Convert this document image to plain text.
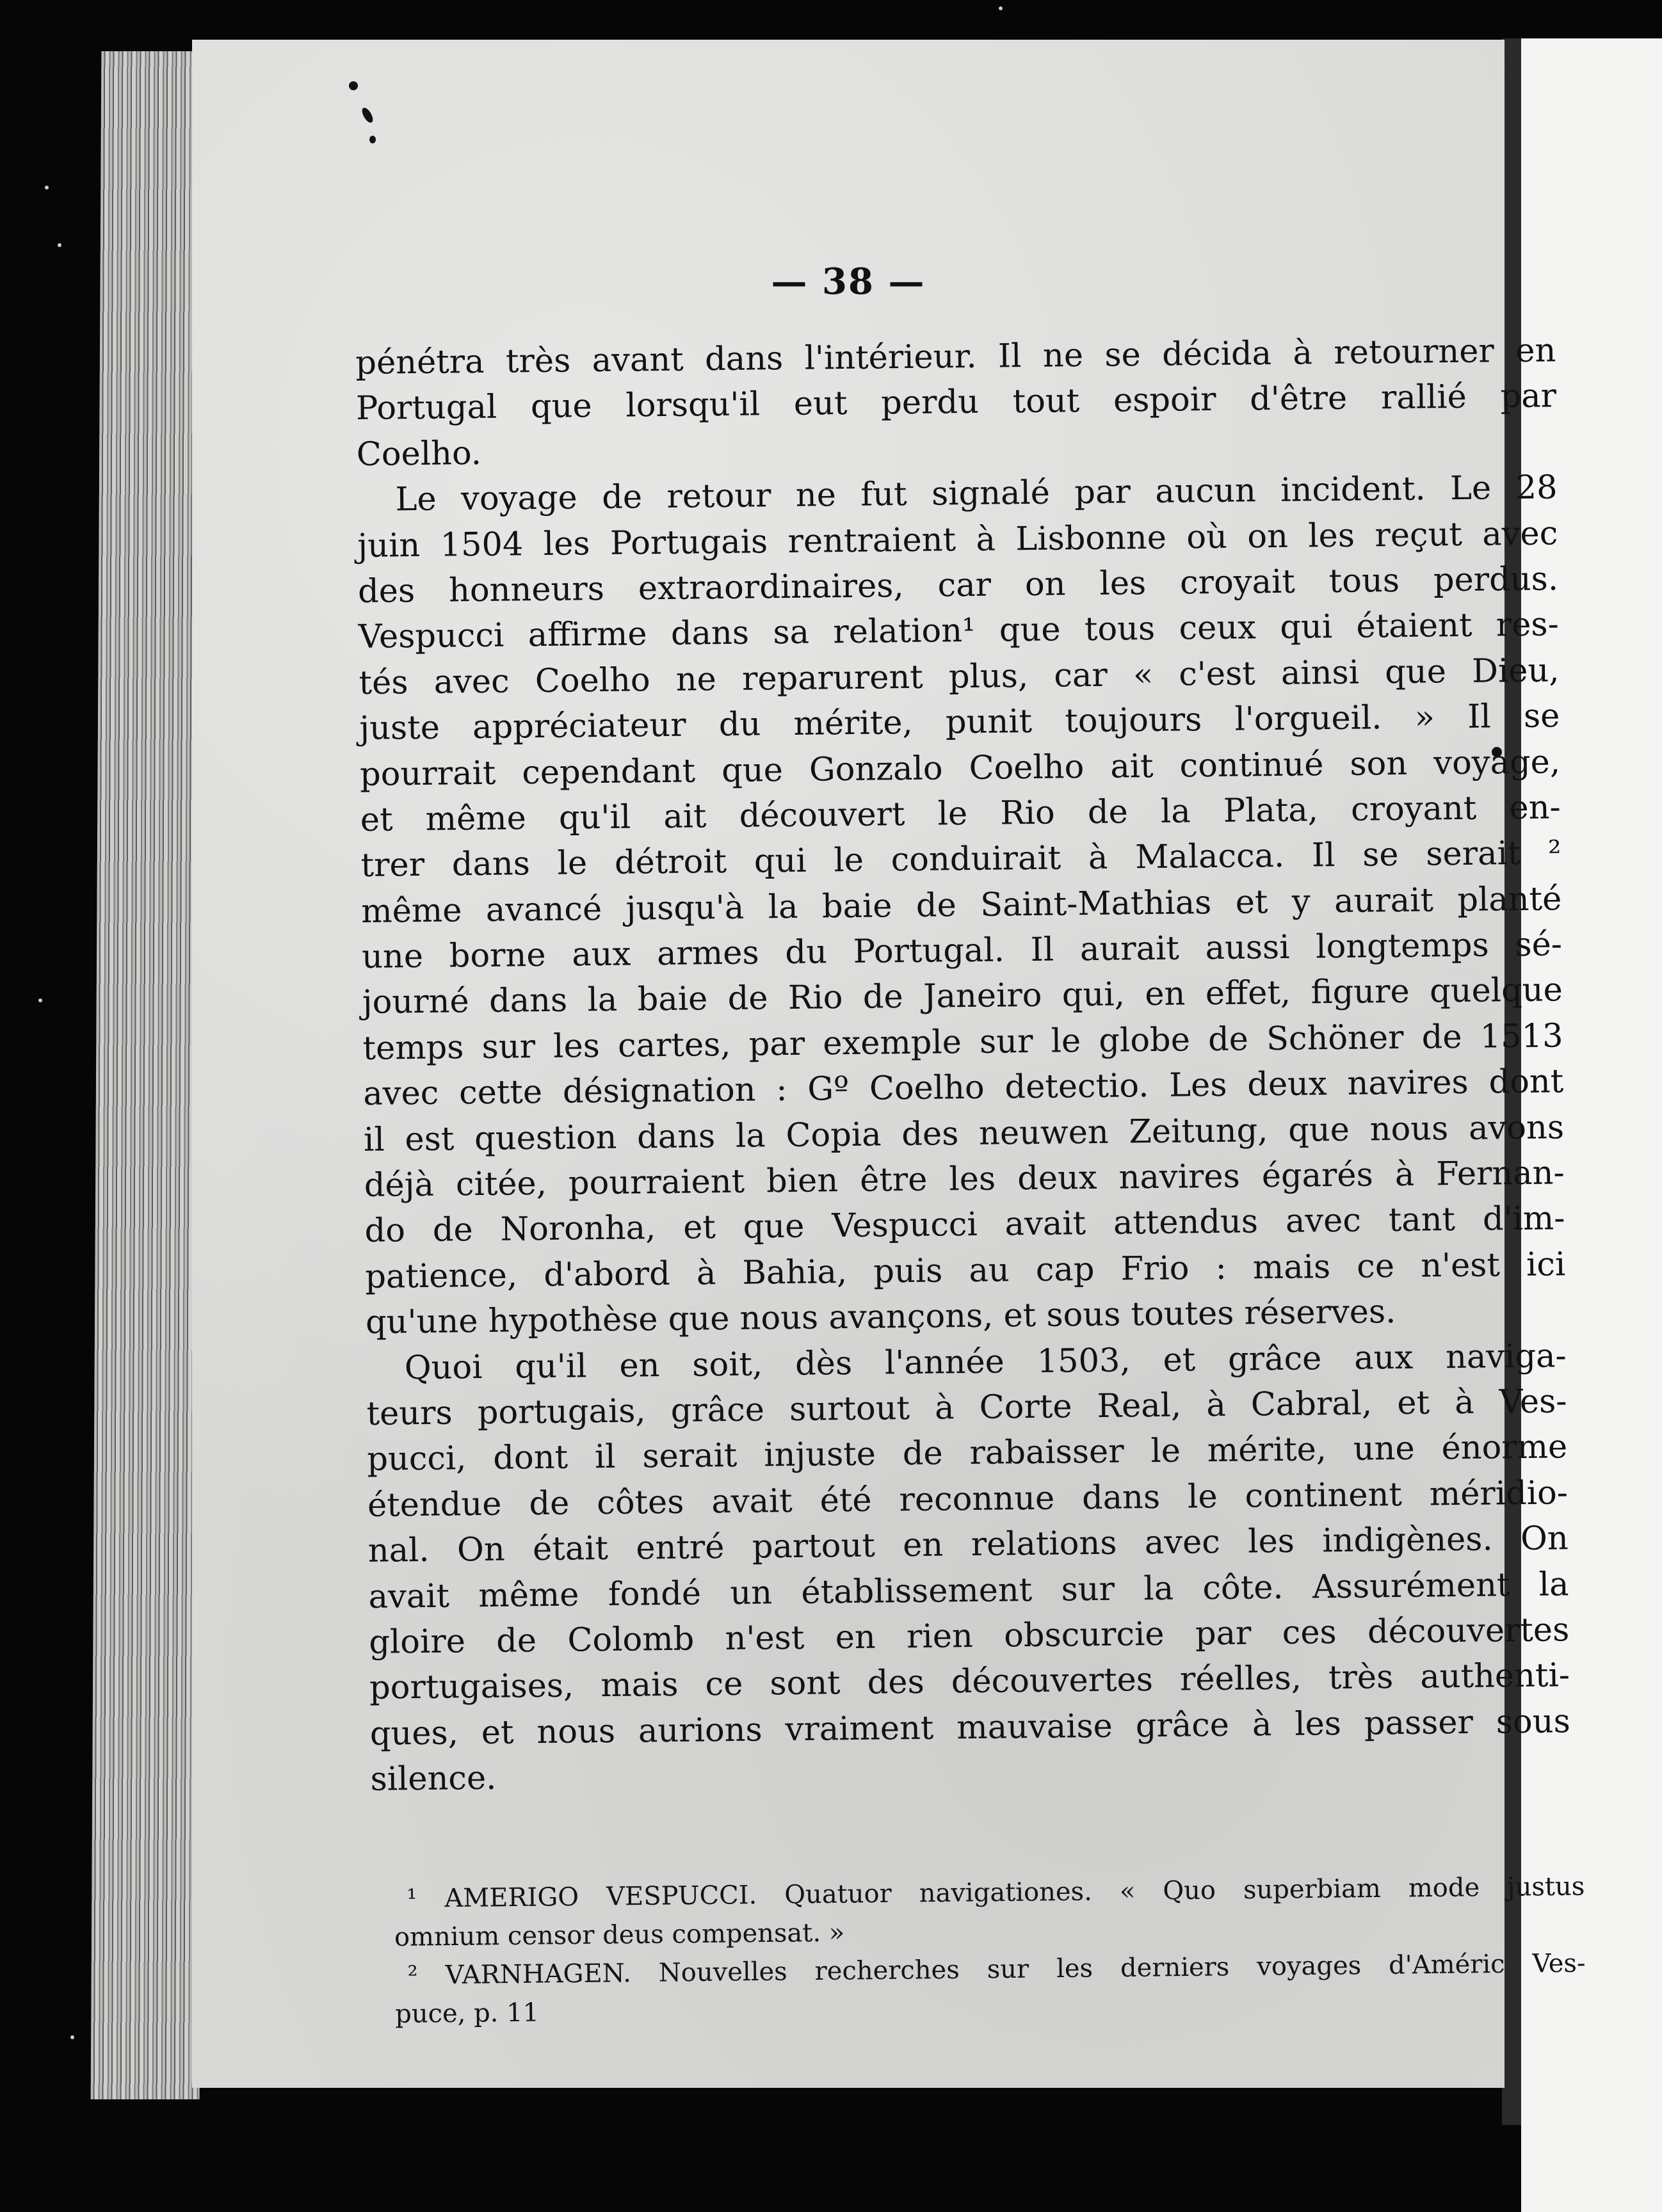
— 38 —
pénétra très avant dans l'intérieur. Il ne se décida à retourner en
Portugal que lorsqu'il eut perdu tout espoir d'être rallié par
Coelho.
Le voyage de retour ne fut signalé par aucun incident. Le 28
juin 1504 les Portugais rentraient à Lisbonne où on les reçut avec
des honneurs extraordinaires, car on les croyait tous perdus.
Vespucci affirme dans sa relation¹ que tous ceux qui étaient res-
tés avec Coelho ne reparurent plus, car « c'est ainsi que Dieu,
juste appréciateur du mérite, punit toujours l'orgueil. » Il se
pourrait cependant que Gonzalo Coelho ait continué son voyage,
et même qu'il ait découvert le Rio de la Plata, croyant en-
trer dans le détroit qui le conduirait à Malacca. Il se serait ²
même avancé jusqu'à la baie de Saint-Mathias et y aurait planté
une borne aux armes du Portugal. Il aurait aussi longtemps sé-
journé dans la baie de Rio de Janeiro qui, en effet, figure quelque
temps sur les cartes, par exemple sur le globe de Schöner de 1513
avec cette désignation : Gº Coelho detectio. Les deux navires dont
il est question dans la Copia des neuwen Zeitung, que nous avons
déjà citée, pourraient bien être les deux navires égarés à Fernan-
do de Noronha, et que Vespucci avait attendus avec tant d'im-
patience, d'abord à Bahia, puis au cap Frio : mais ce n'est ici
qu'une hypothèse que nous avançons, et sous toutes réserves.
Quoi qu'il en soit, dès l'année 1503, et grâce aux naviga-
teurs portugais, grâce surtout à Corte Real, à Cabral, et à Ves-
pucci, dont il serait injuste de rabaisser le mérite, une énorme
étendue de côtes avait été reconnue dans le continent méridio-
nal. On était entré partout en relations avec les indigènes. On
avait même fondé un établissement sur la côte. Assurément la
gloire de Colomb n'est en rien obscurcie par ces découvertes
portugaises, mais ce sont des découvertes réelles, très authenti-
ques, et nous aurions vraiment mauvaise grâce à les passer sous
silence.
¹ AMERIGO VESPUCCI. Quatuor navigationes. « Quo superbiam mode justus
omnium censor deus compensat. »
² VARNHAGEN. Nouvelles recherches sur les derniers voyages d'Améric Ves-
puce, p. 11
